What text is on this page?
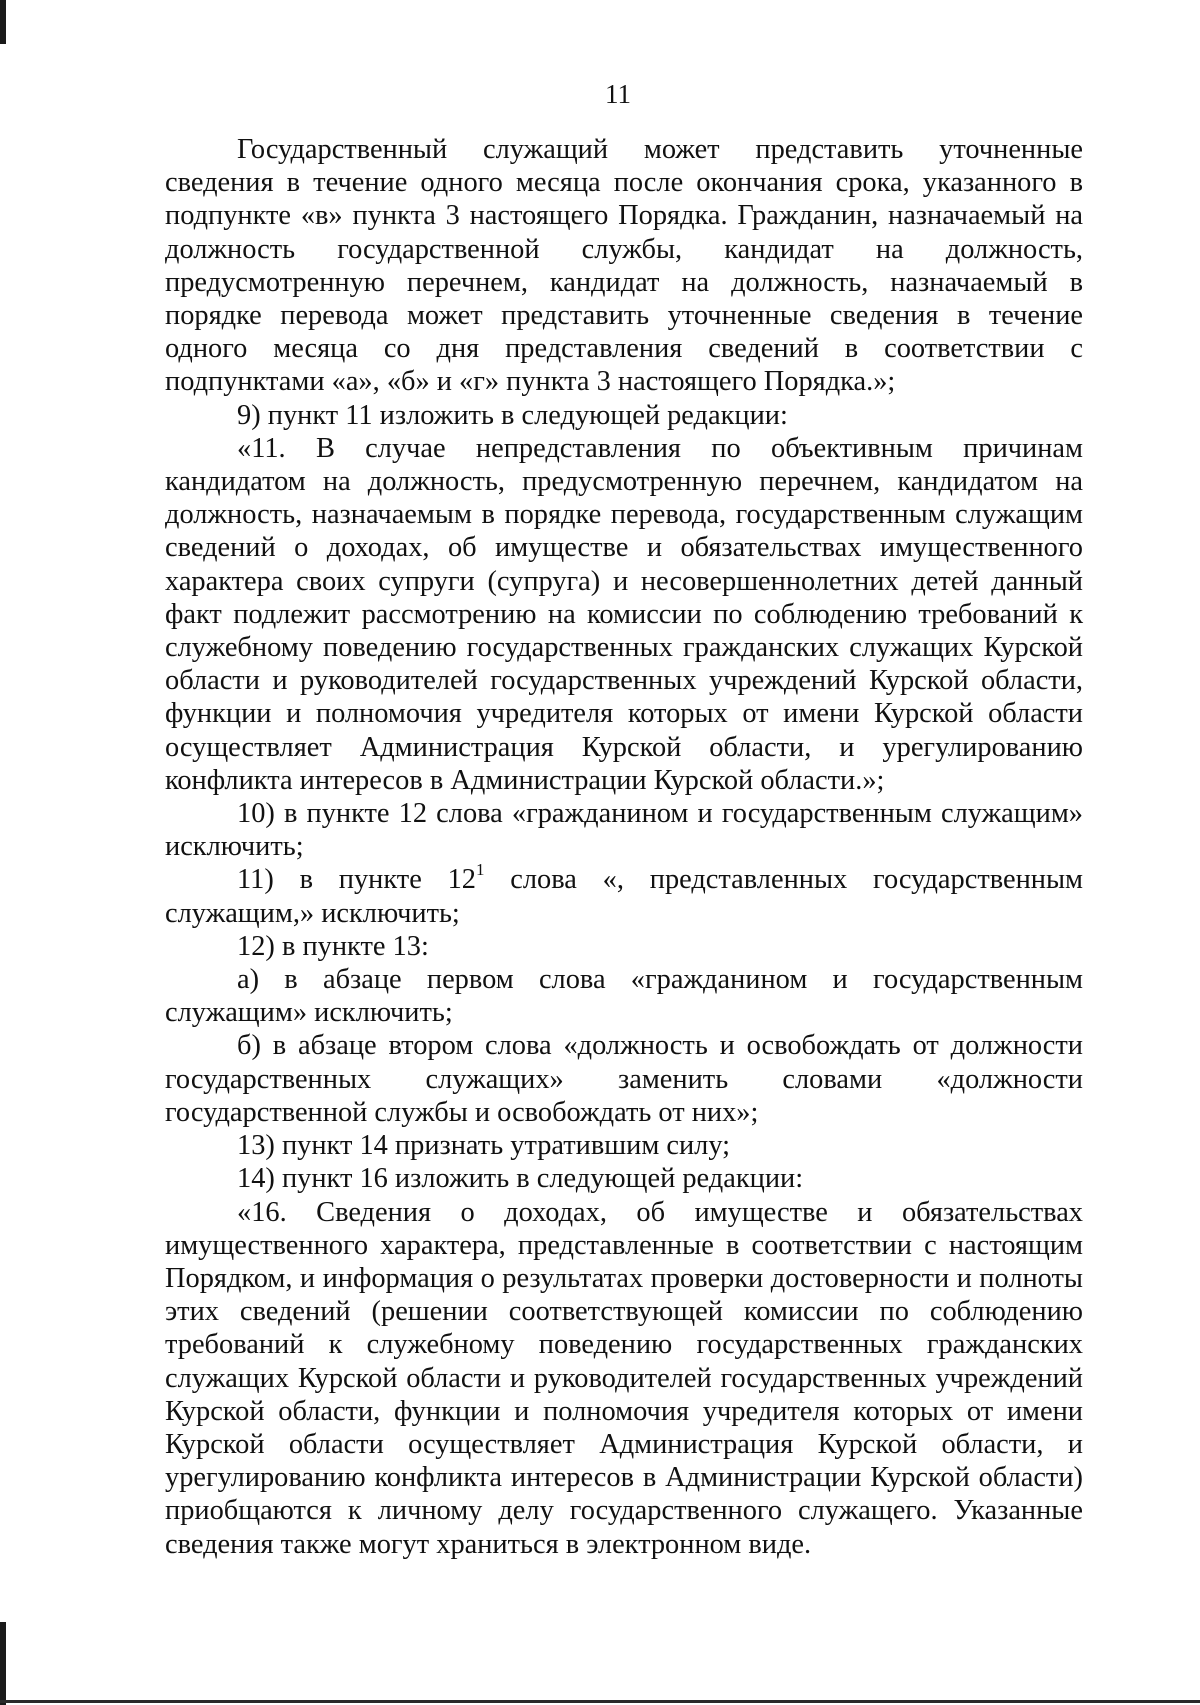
11

Государственный служащий может представить уточненные сведения в течение одного месяца после окончания срока, указанного в подпункте «в» пункта 3 настоящего Порядка. Гражданин, назначаемый на должность государственной службы, кандидат на должность, предусмотренную перечнем, кандидат на должность, назначаемый в порядке перевода может представить уточненные сведения в течение одного месяца со дня представления сведений в соответствии с подпунктами «а», «б» и «г» пункта 3 настоящего Порядка.»;

9) пункт 11 изложить в следующей редакции:

«11. В случае непредставления по объективным причинам кандидатом на должность, предусмотренную перечнем, кандидатом на должность, назначаемым в порядке перевода, государственным служащим сведений о доходах, об имуществе и обязательствах имущественного характера своих супруги (супруга) и несовершеннолетних детей данный факт подлежит рассмотрению на комиссии по соблюдению требований к служебному поведению государственных гражданских служащих Курской области и руководителей государственных учреждений Курской области, функции и полномочия учредителя которых от имени Курской области осуществляет Администрация Курской области, и урегулированию конфликта интересов в Администрации Курской области.»;

10) в пункте 12 слова «гражданином и государственным служащим» исключить;

11) в пункте $12^1$ слова «, представленных государственным служащим,» исключить;

12) в пункте 13:

а) в абзаце первом слова «гражданином и государственным служащим» исключить;

б) в абзаце втором слова «должность и освобождать от должности государственных служащих» заменить словами «должности государственной службы и освобождать от них»;

13) пункт 14 признать утратившим силу;

14) пункт 16 изложить в следующей редакции:

«16. Сведения о доходах, об имуществе и обязательствах имущественного характера, представленные в соответствии с настоящим Порядком, и информация о результатах проверки достоверности и полноты этих сведений (решении соответствующей комиссии по соблюдению требований к служебному поведению государственных гражданских служащих Курской области и руководителей государственных учреждений Курской области, функции и полномочия учредителя которых от имени Курской области осуществляет Администрация Курской области, и урегулированию конфликта интересов в Администрации Курской области) приобщаются к личному делу государственного служащего. Указанные сведения также могут храниться в электронном виде.
